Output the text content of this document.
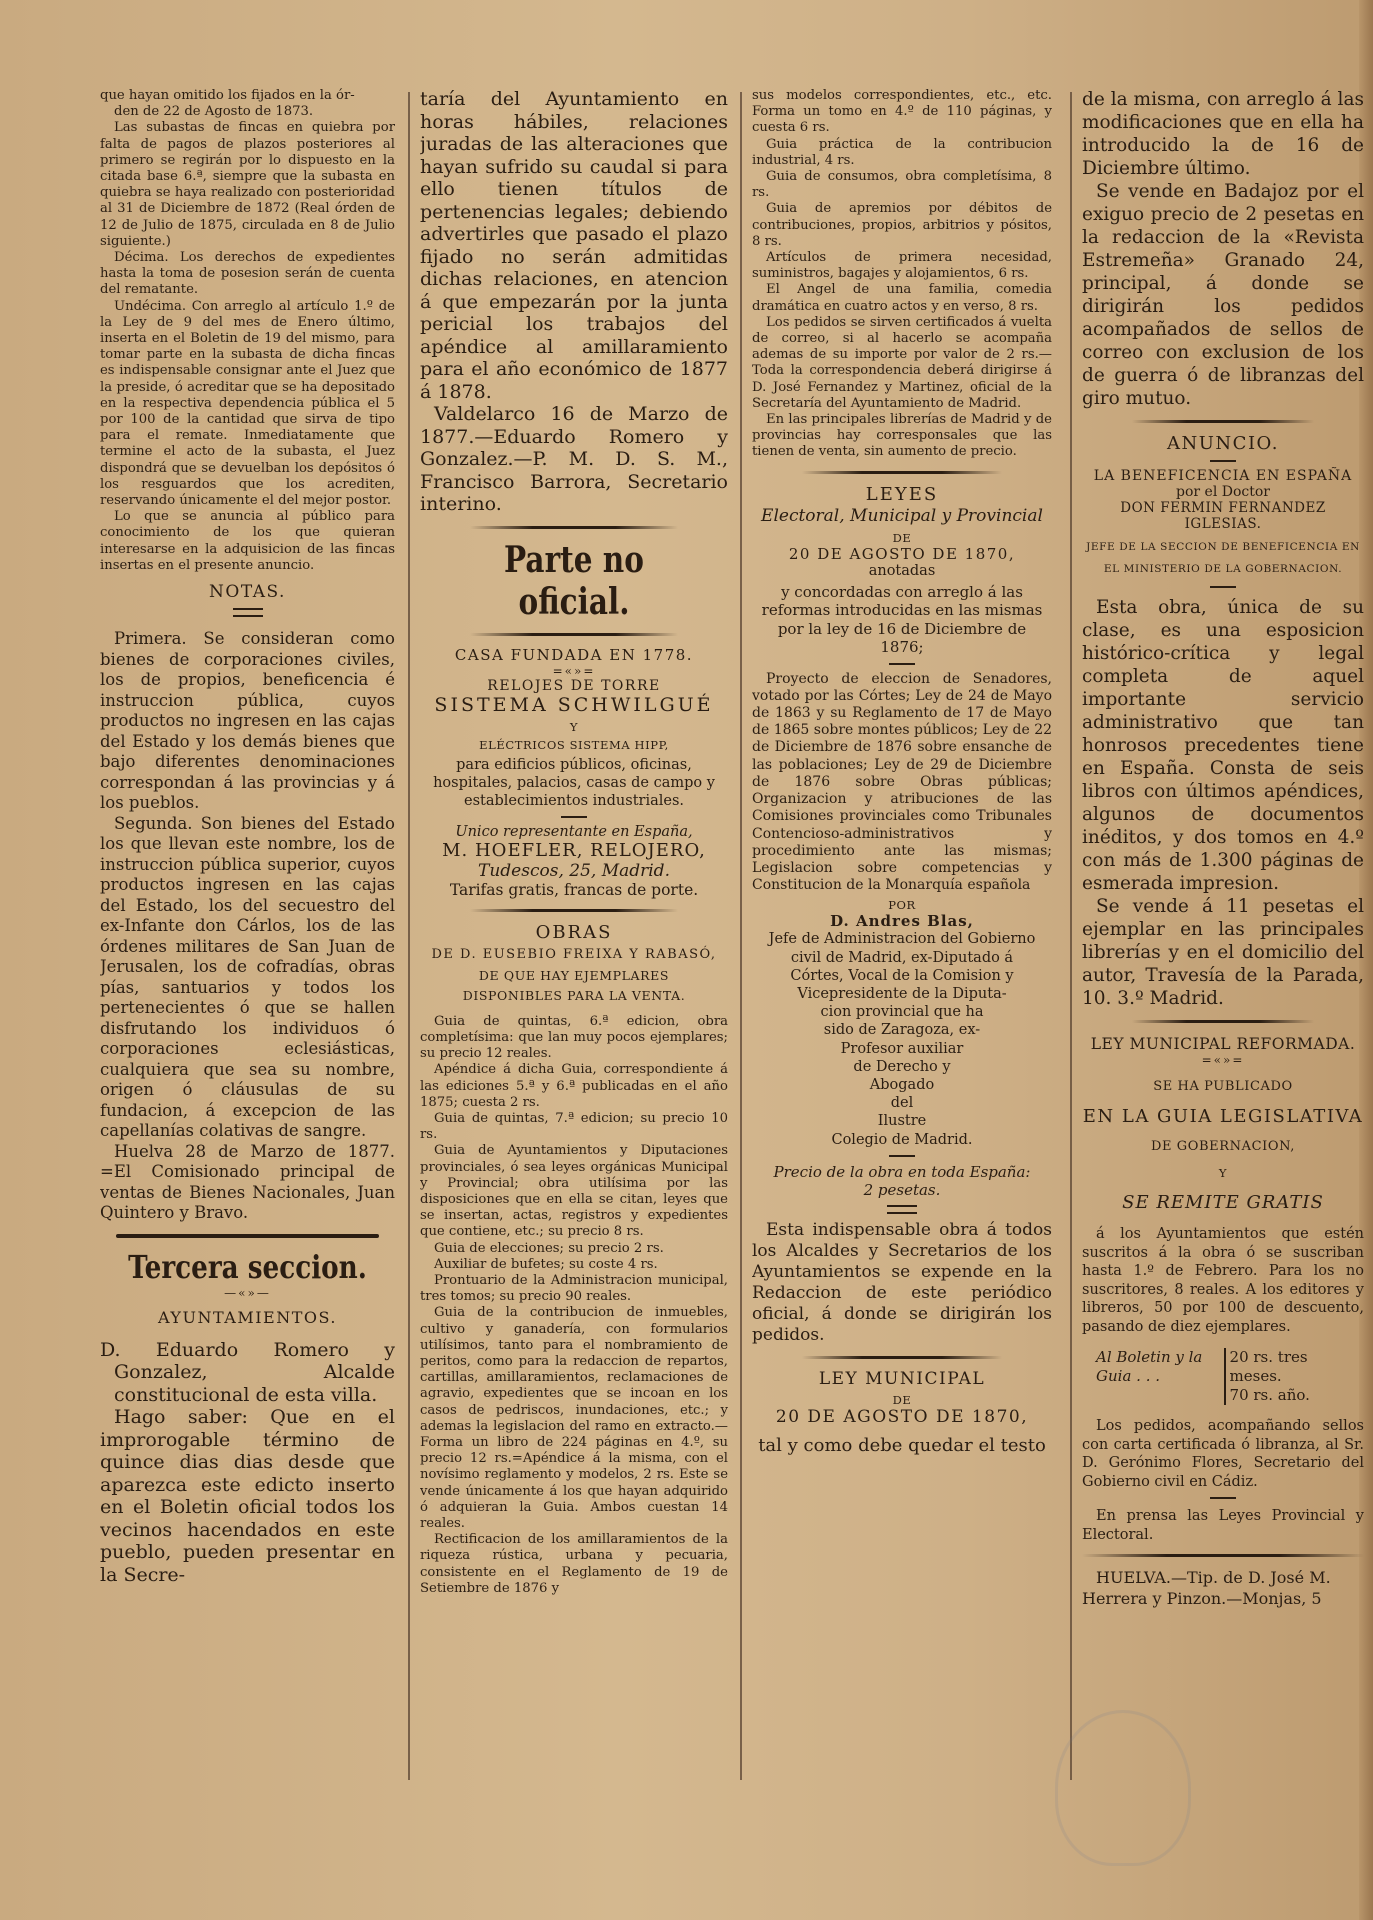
que hayan omitido los fijados en la ór-

den de 22 de Agosto de 1873.

Las subastas de fincas en quiebra por falta de pagos de plazos posteriores al primero se regirán por lo dispuesto en la citada base 6.ª, siempre que la subasta en quiebra se haya realizado con posterioridad al 31 de Diciembre de 1872 (Real órden de 12 de Julio de 1875, circulada en 8 de Julio siguiente.)

Décima. Los derechos de expedientes hasta la toma de posesion serán de cuenta del rematante.

Undécima. Con arreglo al artículo 1.º de la Ley de 9 del mes de Enero último, inserta en el Boletin de 19 del mismo, para tomar parte en la subasta de dicha fincas es indispensable consignar ante el Juez que la preside, ó acreditar que se ha depositado en la respectiva dependencia pública el 5 por 100 de la cantidad que sirva de tipo para el remate. Inmediatamente que termine el acto de la subasta, el Juez dispondrá que se devuelban los depósitos ó los resguardos que los acrediten, reservando únicamente el del mejor postor.

Lo que se anuncia al público para conocimiento de los que quieran interesarse en la adquisicion de las fincas insertas en el presente anuncio.

NOTAS.

Primera. Se consideran como bienes de corporaciones civiles, los de propios, beneficencia é instruccion pública, cuyos productos no ingresen en las cajas del Estado y los demás bienes que bajo diferentes denominaciones correspondan á las provincias y á los pueblos.

Segunda. Son bienes del Estado los que llevan este nombre, los de instruccion pública superior, cuyos productos ingresen en las cajas del Estado, los del secuestro del ex-Infante don Cárlos, los de las órdenes militares de San Juan de Jerusalen, los de cofradías, obras pías, santuarios y todos los pertenecientes ó que se hallen disfrutando los individuos ó corporaciones eclesiásticas, cualquiera que sea su nombre, origen ó cláusulas de su fundacion, á excepcion de las capellanías colativas de sangre.

Huelva 28 de Marzo de 1877. =El Comisionado principal de ventas de Bienes Nacionales, Juan Quintero y Bravo.

Tercera seccion.

—«»—

AYUNTAMIENTOS.

D. Eduardo Romero y Gonzalez, Alcalde constitucional de esta villa.

Hago saber: Que en el improrogable término de quince dias dias desde que aparezca este edicto inserto en el Boletin oficial todos los vecinos hacendados en este pueblo, pueden presentar en la Secre-

taría del Ayuntamiento en horas hábiles, relaciones juradas de las alteraciones que hayan sufrido su caudal si para ello tienen títulos de pertenencias legales; debiendo advertirles que pasado el plazo fijado no serán admitidas dichas relaciones, en atencion á que empezarán por la junta pericial los trabajos del apéndice al amillaramiento para el año económico de 1877 á 1878.

Valdelarco 16 de Marzo de 1877.—Eduardo Romero y Gonzalez.—P. M. D. S. M., Francisco Barrora, Secretario interino.

Parte no oficial.

CASA FUNDADA EN 1778.

=«»=

RELOJES DE TORRE

SISTEMA SCHWILGUÉ

Y

ELÉCTRICOS SISTEMA HIPP,

para edificios públicos, oficinas, hospitales, palacios, casas de campo y establecimientos industriales.

Unico representante en España,

M. HOEFLER, RELOJERO,

Tudescos, 25, Madrid.

Tarifas gratis, francas de porte.

OBRAS

DE D. EUSEBIO FREIXA Y RABASÓ,

DE QUE HAY EJEMPLARES DISPONIBLES PARA LA VENTA.

Guia de quintas, 6.ª edicion, obra completísima: que lan muy pocos ejemplares; su precio 12 reales.

Apéndice á dicha Guia, correspondiente á las ediciones 5.ª y 6.ª publicadas en el año 1875; cuesta 2 rs.

Guia de quintas, 7.ª edicion; su precio 10 rs.

Guia de Ayuntamientos y Diputaciones provinciales, ó sea leyes orgánicas Municipal y Provincial; obra utilísima por las disposiciones que en ella se citan, leyes que se insertan, actas, registros y expedientes que contiene, etc.; su precio 8 rs.

Guia de elecciones; su precio 2 rs.

Auxiliar de bufetes; su coste 4 rs.

Prontuario de la Administracion municipal, tres tomos; su precio 90 reales.

Guia de la contribucion de inmuebles, cultivo y ganadería, con formularios utilísimos, tanto para el nombramiento de peritos, como para la redaccion de repartos, cartillas, amillaramientos, reclamaciones de agravio, expedientes que se incoan en los casos de pedriscos, inundaciones, etc.; y ademas la legislacion del ramo en extracto.—Forma un libro de 224 páginas en 4.º, su precio 12 rs.=Apéndice á la misma, con el novísimo reglamento y modelos, 2 rs. Este se vende únicamente á los que hayan adquirido ó adquieran la Guia. Ambos cuestan 14 reales.

Rectificacion de los amillaramientos de la riqueza rústica, urbana y pecuaria, consistente en el Reglamento de 19 de Setiembre de 1876 y

sus modelos correspondientes, etc., etc. Forma un tomo en 4.º de 110 páginas, y cuesta 6 rs.

Guia práctica de la contribucion industrial, 4 rs.

Guia de consumos, obra completísima, 8 rs.

Guia de apremios por débitos de contribuciones, propios, arbitrios y pósitos, 8 rs.

Artículos de primera necesidad, suministros, bagajes y alojamientos, 6 rs.

El Angel de una familia, comedia dramática en cuatro actos y en verso, 8 rs.

Los pedidos se sirven certificados á vuelta de correo, si al hacerlo se acompaña ademas de su importe por valor de 2 rs.—Toda la correspondencia deberá dirigirse á D. José Fernandez y Martinez, oficial de la Secretaría del Ayuntamiento de Madrid.

En las principales librerías de Madrid y de provincias hay corresponsales que las tienen de venta, sin aumento de precio.

LEYES

Electoral, Municipal y Provincial

DE

20 DE AGOSTO DE 1870,

anotadas

y concordadas con arreglo á las reformas introducidas en las mismas por la ley de 16 de Diciembre de 1876;

Proyecto de eleccion de Senadores, votado por las Córtes; Ley de 24 de Mayo de 1863 y su Reglamento de 17 de Mayo de 1865 sobre montes públicos; Ley de 22 de Diciembre de 1876 sobre ensanche de las poblaciones; Ley de 29 de Diciembre de 1876 sobre Obras públicas; Organizacion y atribuciones de las Comisiones provinciales como Tribunales Contencioso-administrativos y procedimiento ante las mismas; Legislacion sobre competencias y Constitucion de la Monarquía española

POR

D. Andres Blas,

Jefe de Administracion del Gobierno

civil de Madrid, ex-Diputado á

Córtes, Vocal de la Comision y

Vicepresidente de la Diputa-

cion provincial que ha

sido de Zaragoza, ex-

Profesor auxiliar

de Derecho y

Abogado

del

Ilustre

Colegio de Madrid.

Precio de la obra en toda España:

2 pesetas.

Esta indispensable obra á todos los Alcaldes y Secretarios de los Ayuntamientos se expende en la Redaccion de este periódico oficial, á donde se dirigirán los pedidos.

LEY MUNICIPAL

DE

20 DE AGOSTO DE 1870,

tal y como debe quedar el testo

de la misma, con arreglo á las modificaciones que en ella ha introducido la de 16 de Diciembre último.

Se vende en Badajoz por el exiguo precio de 2 pesetas en la redaccion de la «Revista Estremeña» Granado 24, principal, á donde se dirigirán los pedidos acompañados de sellos de correo con exclusion de los de guerra ó de libranzas del giro mutuo.

ANUNCIO.

LA BENEFICENCIA EN ESPAÑA

por el Doctor

DON FERMIN FERNANDEZ IGLESIAS.

JEFE DE LA SECCION DE BENEFICENCIA EN EL MINISTERIO DE LA GOBERNACION.

Esta obra, única de su clase, es una esposicion histórico-crítica y legal completa de aquel importante servicio administrativo que tan honrosos precedentes tiene en España. Consta de seis libros con últimos apéndices, algunos de documentos inéditos, y dos tomos en 4.º con más de 1.300 páginas de esmerada impresion.

Se vende á 11 pesetas el ejemplar en las principales librerías y en el domicilio del autor, Travesía de la Parada, 10. 3.º Madrid.

LEY MUNICIPAL REFORMADA.

=«»=

SE HA PUBLICADO

EN LA GUIA LEGISLATIVA

DE GOBERNACION,

Y

SE REMITE GRATIS

á los Ayuntamientos que estén suscritos á la obra ó se suscriban hasta 1.º de Febrero. Para los no suscritores, 8 reales. A los editores y libreros, 50 por 100 de descuento, pasando de diez ejemplares.

Al Boletin y la

Guia . . .

20 rs. tres meses.

70 rs. año.

Los pedidos, acompañando sellos con carta certificada ó libranza, al Sr. D. Gerónimo Flores, Secretario del Gobierno civil en Cádiz.

En prensa las Leyes Provincial y Electoral.

HUELVA.—Tip. de D. José M. Herrera y Pinzon.—Monjas, 5
